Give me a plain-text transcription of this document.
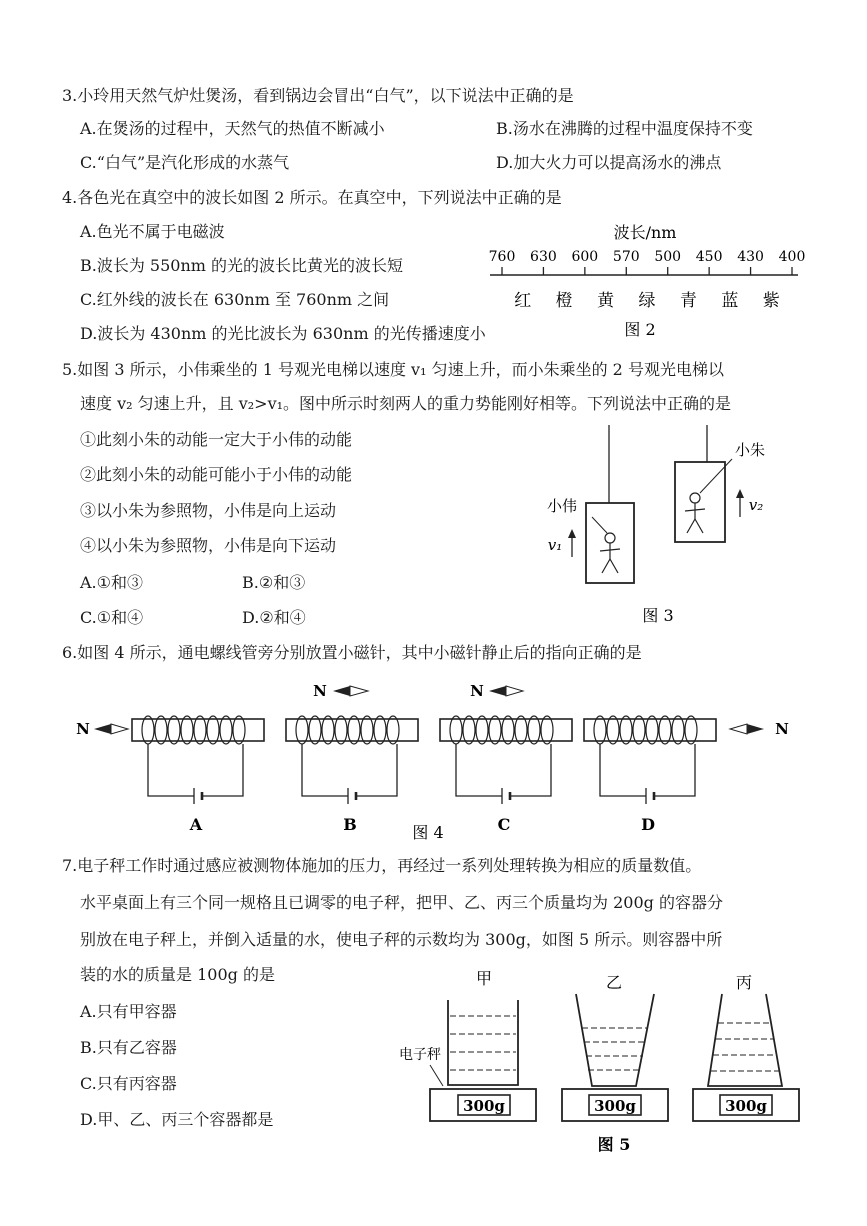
3.小玲用天然气炉灶煲汤，看到锅边会冒出“白气”，以下说法中正确的是
A.在煲汤的过程中，天然气的热值不断减小	B.汤水在沸腾的过程中温度保持不变
C.“白气”是汽化形成的水蒸气	D.加大火力可以提高汤水的沸点
4.各色光在真空中的波长如图 2 所示。在真空中，下列说法中正确的是
A.色光不属于电磁波
B.波长为 550nm 的光的波长比黄光的波长短
C.红外线的波长在 630nm 至 760nm 之间
D.波长为 430nm 的光比波长为 630nm 的光传播速度小
波长/nm
760 630 600 570 500 450 430 400
红 橙 黄 绿 青 蓝 紫
图 2
5.如图 3 所示，小伟乘坐的 1 号观光电梯以速度 v₁ 匀速上升，而小朱乘坐的 2 号观光电梯以
速度 v₂ 匀速上升，且 v₂>v₁。图中所示时刻两人的重力势能刚好相等。下列说法中正确的是
①此刻小朱的动能一定大于小伟的动能
②此刻小朱的动能可能小于小伟的动能
③以小朱为参照物，小伟是向上运动
④以小朱为参照物，小伟是向下运动
A.①和③	B.②和③
C.①和④	D.②和④
小伟
v₁
小朱
v₂
图 3
6.如图 4 所示，通电螺线管旁分别放置小磁针，其中小磁针静止后的指向正确的是
N
N	N
N
A	B	C	D
图 4
7.电子秤工作时通过感应被测物体施加的压力，再经过一系列处理转换为相应的质量数值。
水平桌面上有三个同一规格且已调零的电子秤，把甲、乙、丙三个质量均为 200g 的容器分
别放在电子秤上，并倒入适量的水，使电子秤的示数均为 300g，如图 5 所示。则容器中所
装的水的质量是 100g 的是
A.只有甲容器
B.只有乙容器
C.只有丙容器
D.甲、乙、丙三个容器都是
甲
300g
电子秤
乙
300g
丙
300g
图 5
